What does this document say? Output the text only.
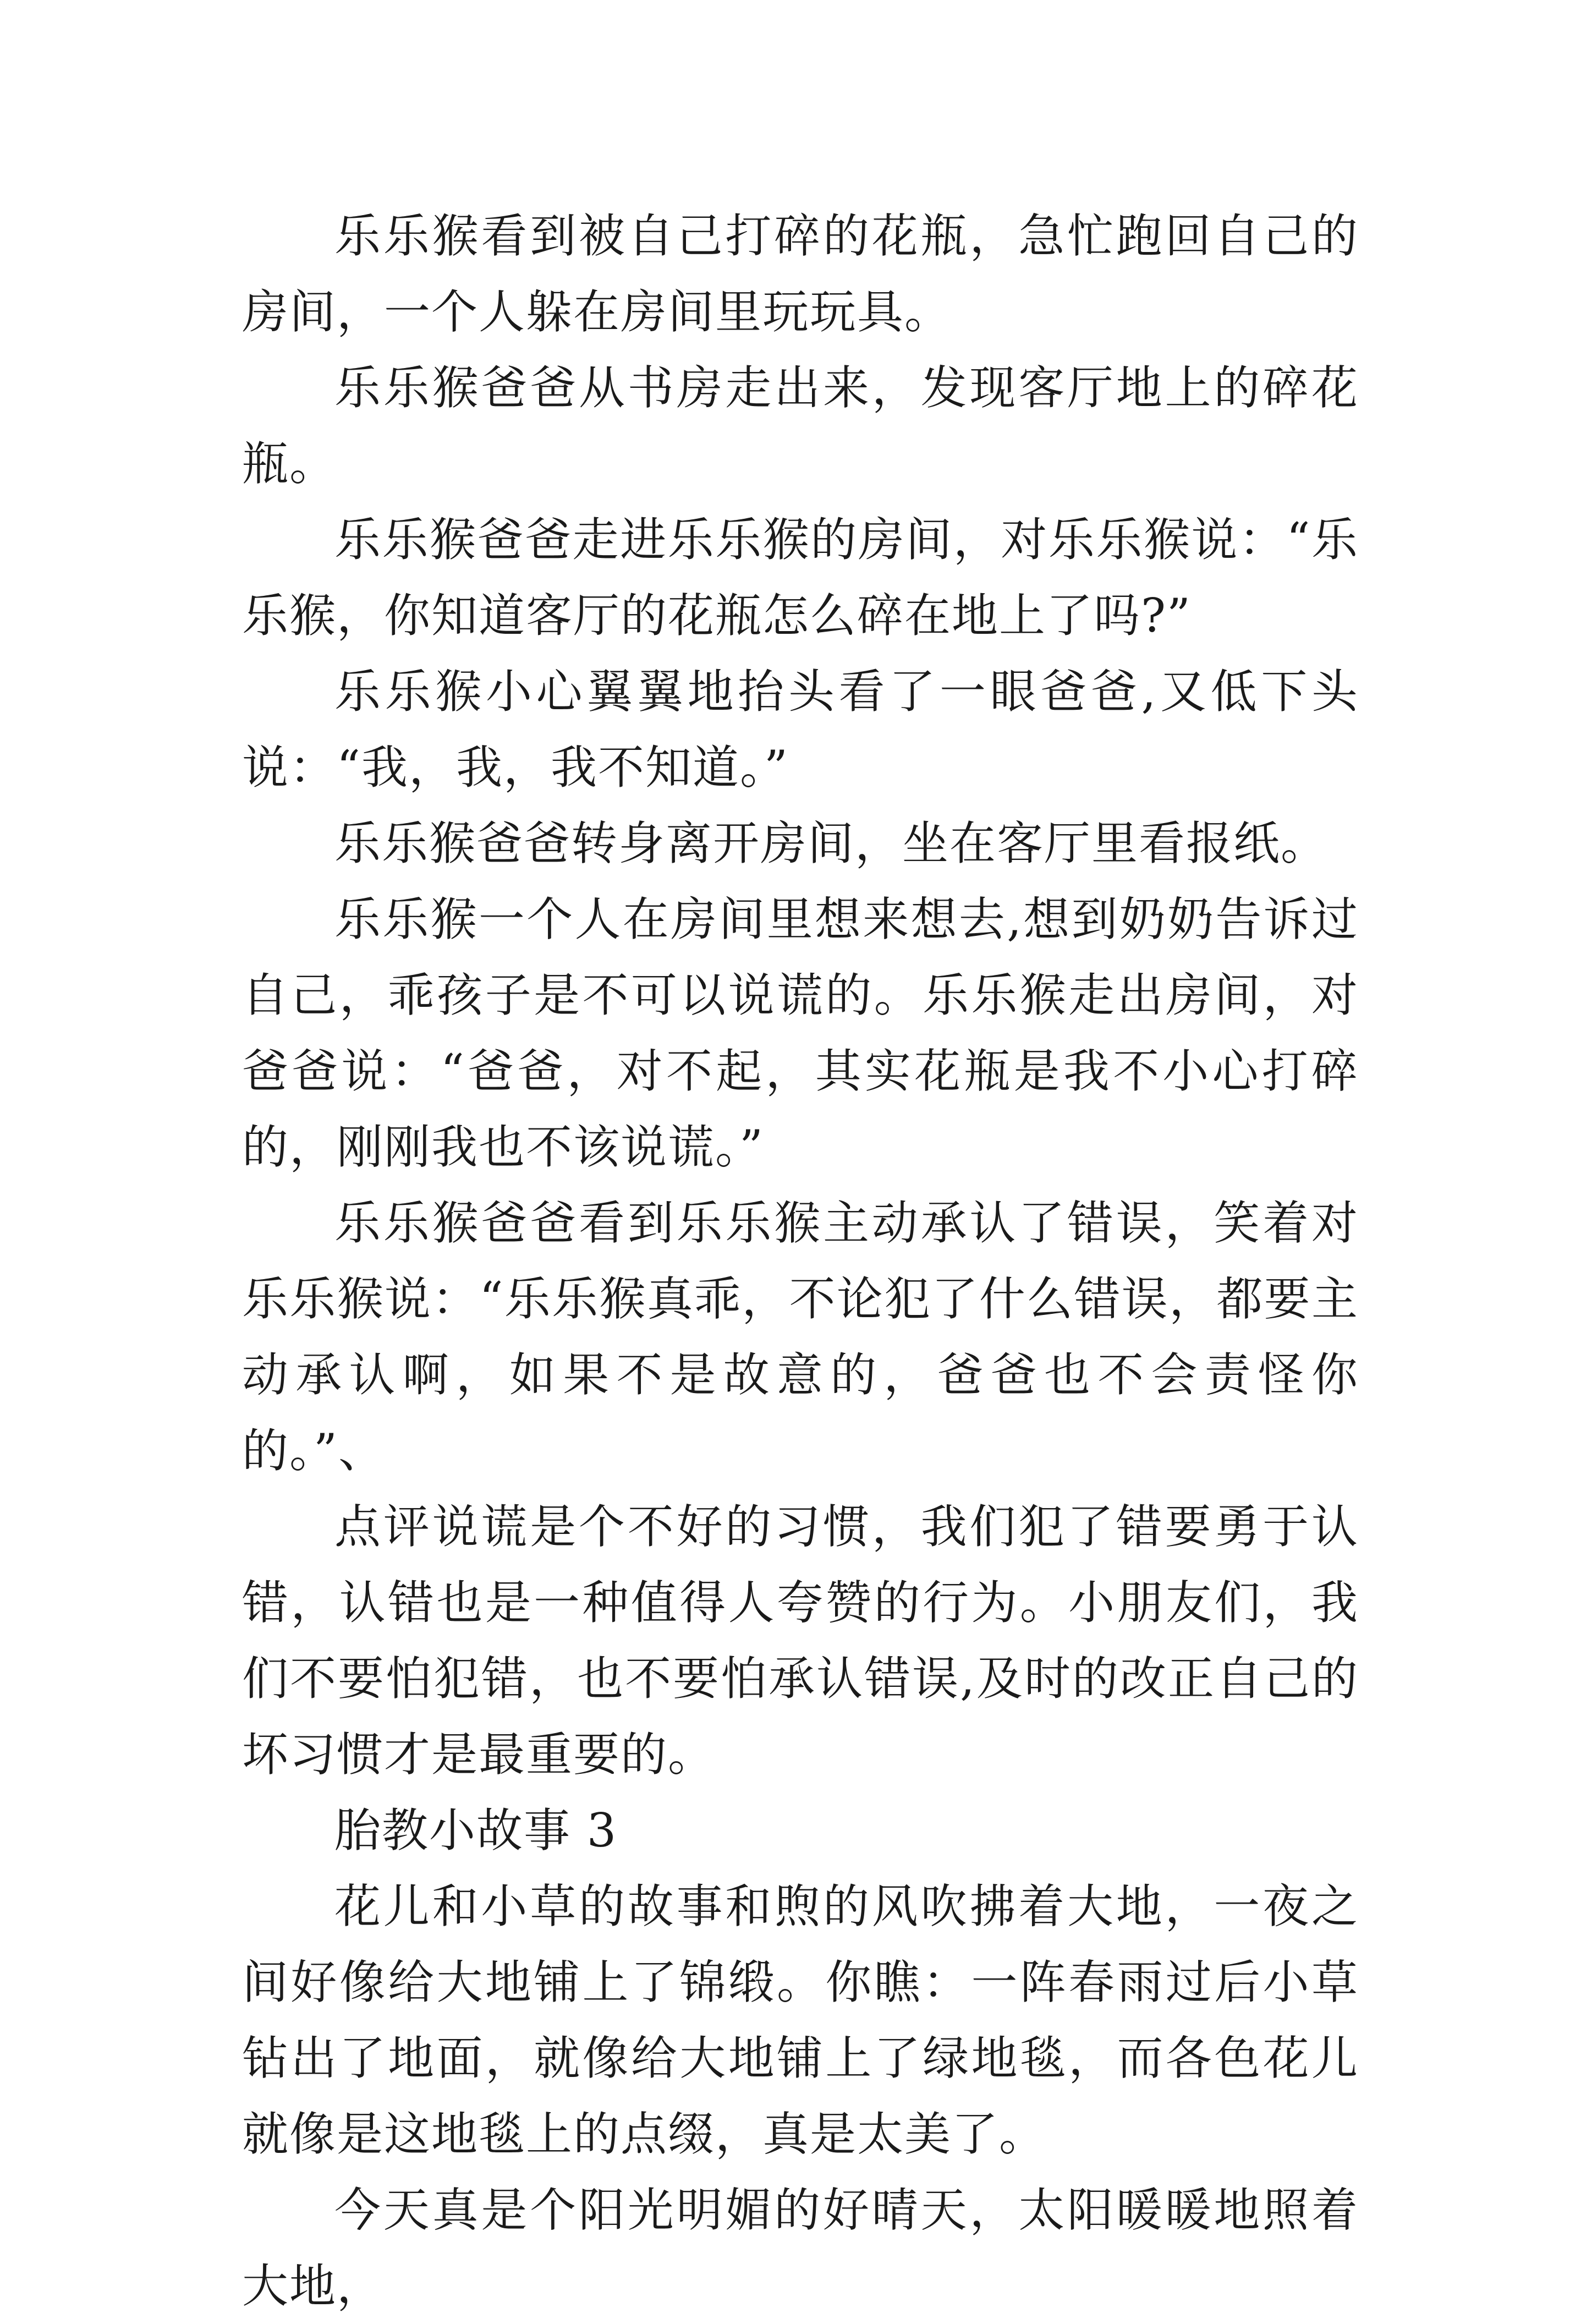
乐乐猴看到被自己打碎的花瓶，急忙跑回自己的房间，一个人躲在房间里玩玩具。

乐乐猴爸爸从书房走出来，发现客厅地上的碎花瓶。

乐乐猴爸爸走进乐乐猴的房间，对乐乐猴说：“乐乐猴，你知道客厅的花瓶怎么碎在地上了吗?”

乐乐猴小心翼翼地抬头看了一眼爸爸,又低下头说：“我，我，我不知道。”

乐乐猴爸爸转身离开房间，坐在客厅里看报纸。

乐乐猴一个人在房间里想来想去,想到奶奶告诉过自己，乖孩子是不可以说谎的。乐乐猴走出房间，对爸爸说：“爸爸，对不起，其实花瓶是我不小心打碎的，刚刚我也不该说谎。”

乐乐猴爸爸看到乐乐猴主动承认了错误，笑着对乐乐猴说：“乐乐猴真乖，不论犯了什么错误，都要主动承认啊，如果不是故意的，爸爸也不会责怪你的。”、

点评说谎是个不好的习惯，我们犯了错要勇于认错，认错也是一种值得人夸赞的行为。小朋友们，我们不要怕犯错，也不要怕承认错误,及时的改正自己的坏习惯才是最重要的。

胎教小故事 3

花儿和小草的故事和煦的风吹拂着大地，一夜之间好像给大地铺上了锦缎。你瞧：一阵春雨过后小草钻出了地面，就像给大地铺上了绿地毯，而各色花儿就像是这地毯上的点缀，真是太美了。

今天真是个阳光明媚的好晴天，太阳暖暖地照着大地，
